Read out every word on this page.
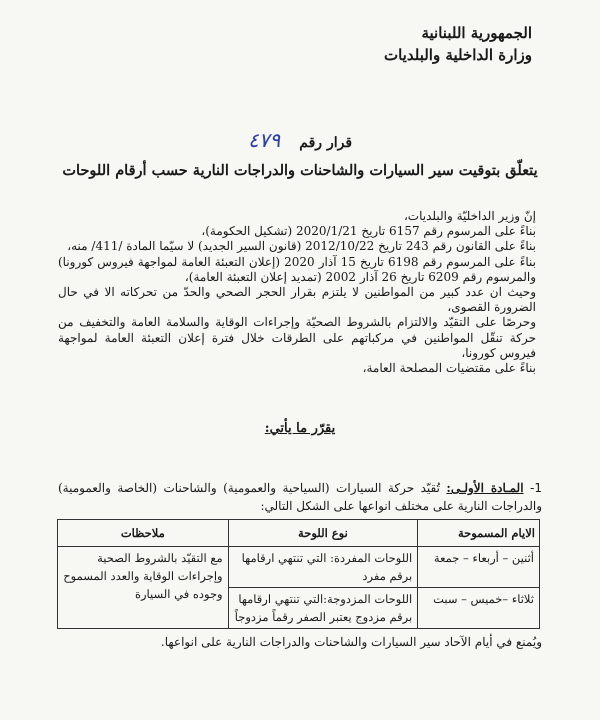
الجمهورية اللبنانية
وزارة الداخلية والبلديات
قرار رقم ٤٧٩
يتعلّق بتوقيت سير السيارات والشاحنات والدراجات النارية حسب أرقام اللوحات

إنّ وزير الداخليّة والبلديات،

بناءً على المرسوم رقم 6157 تاريخ 2020/1/21 (تشكيل الحكومة)،

بناءً على القانون رقم 243 تاريخ 2012/10/22 (قانون السير الجديد) لا سيّما المادة /411/ منه،

بناءً على المرسوم رقم 6198 تاريخ 15 آذار 2020 (إعلان التعبئة العامة لمواجهة فيروس كورونا) والمرسوم رقم 6209 تاريخ 26 آذار 2002 (تمديد إعلان التعبئة العامة)،

وحيث ان عدد كبير من المواطنين لا يلتزم بقرار الحجر الصحي والحدّ من تحركاته الا في حال الضرورة القصوى،

وحرصًا على التقيّد والالتزام بالشروط الصحيّة وإجراءات الوقاية والسلامة العامة والتخفيف من حركة تنقّل المواطنين في مركباتهم على الطرقات خلال فترة إعلان التعبئة العامة لمواجهة فيروس كورونا،

بناءً على مقتضيات المصلحة العامة،

يقرّر ما يأتي:

1- المـادة الأولـى: تُقيّد حركة السيارات (السياحية والعمومية) والشاحنات (الخاصة والعمومية) والدراجات النارية على مختلف انواعها على الشكل التالي:

الايام المسموحة	نوع اللوحة	ملاحظات
أثنين – أربعاء – جمعة	اللوحات المفردة: التي تنتهي ارقامها برقم مفرد	مع التقيّد بالشروط الصحية وإجراءات الوقاية والعدد المسموح وجوده في السيارة
ثلاثاء –خميس – سبت	اللوحات المزدوجة:التي تنتهي ارقامها برقم مزدوج يعتبر الصفر رقماً مزدوجاً	
ويُمنع في أيام الآحاد سير السيارات والشاحنات والدراجات النارية على انواعها.
